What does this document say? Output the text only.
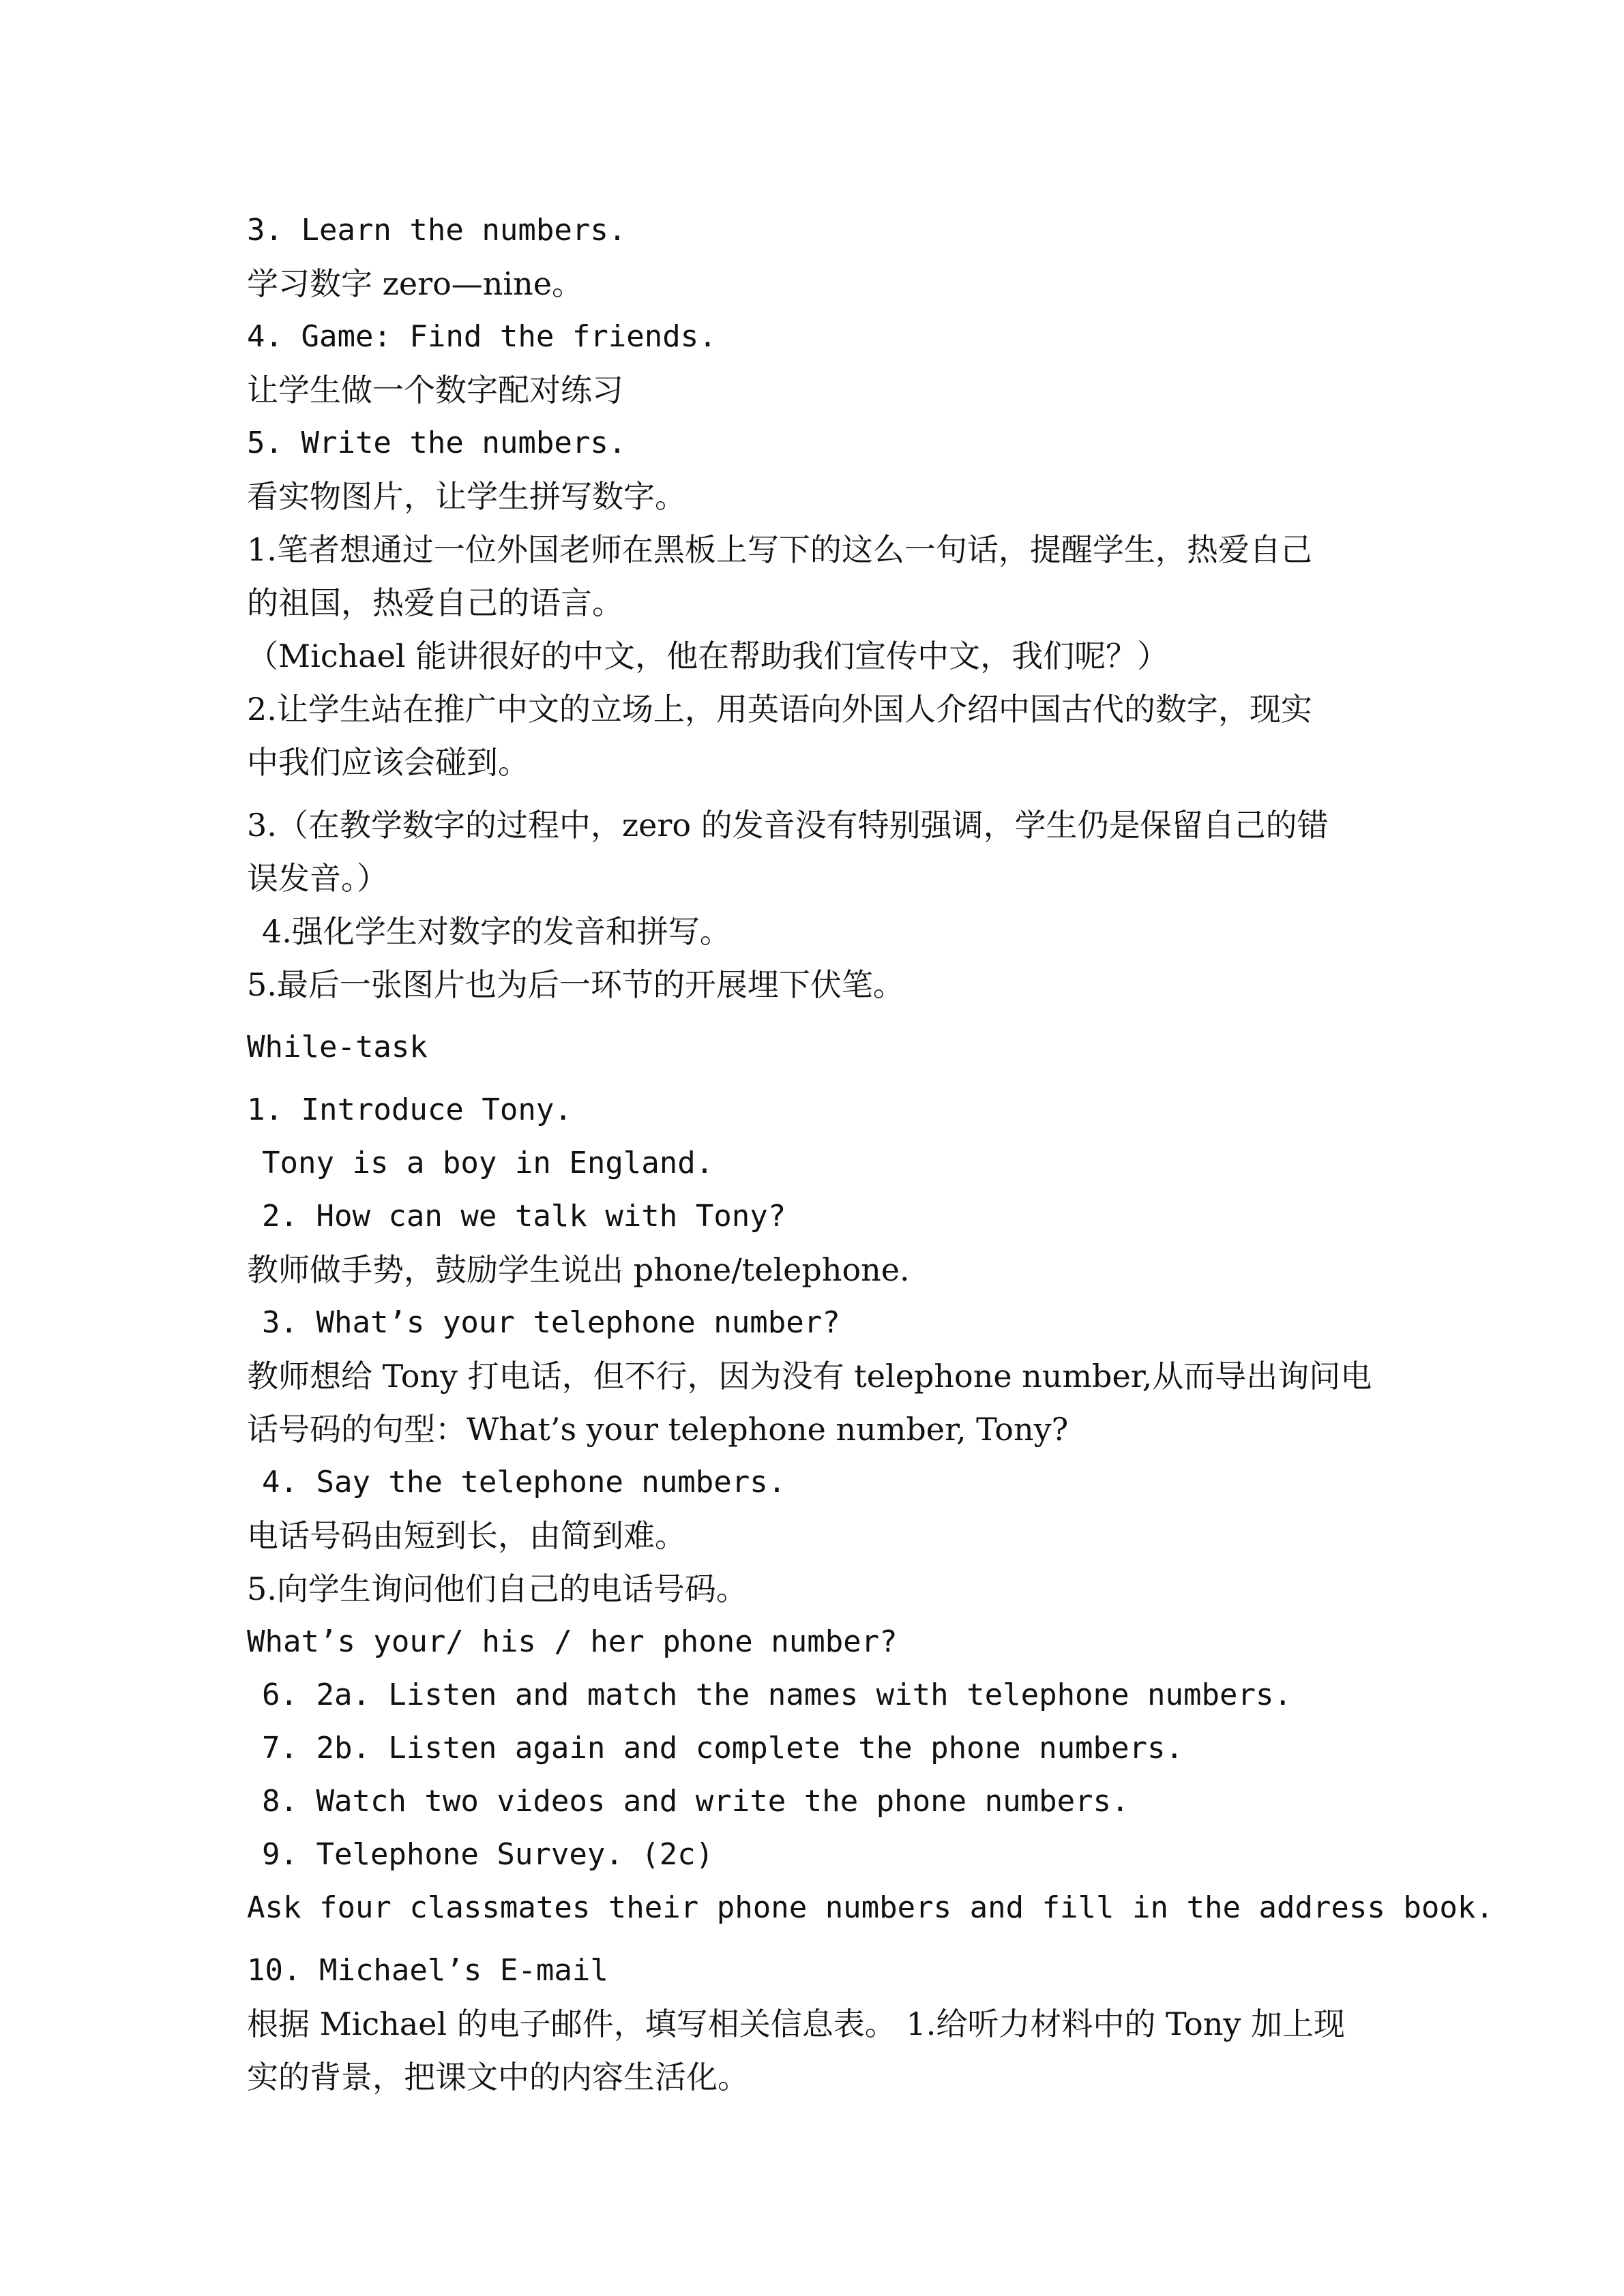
3. Learn the numbers.
学习数字 zero—nine。
4. Game: Find the friends.
让学生做一个数字配对练习
5. Write the numbers.
看实物图片，让学生拼写数字。
1.笔者想通过一位外国老师在黑板上写下的这么一句话，提醒学生，热爱自己
的祖国，热爱自己的语言。
（Michael 能讲很好的中文，他在帮助我们宣传中文，我们呢？）
2.让学生站在推广中文的立场上，用英语向外国人介绍中国古代的数字，现实
中我们应该会碰到。
3.（在教学数字的过程中，zero 的发音没有特别强调，学生仍是保留自己的错
误发音。）
4.强化学生对数字的发音和拼写。
5.最后一张图片也为后一环节的开展埋下伏笔。
While-task
1. Introduce Tony.
Tony is a boy in England.
2. How can we talk with Tony?
教师做手势，鼓励学生说出 phone/telephone.
3. What’s your telephone number?
教师想给 Tony 打电话，但不行，因为没有 telephone number,从而导出询问电
话号码的句型：What’s your telephone number, Tony?
4. Say the telephone numbers.
电话号码由短到长，由简到难。
5.向学生询问他们自己的电话号码。
What’s your/ his / her phone number?
6. 2a. Listen and match the names with telephone numbers.
7. 2b. Listen again and complete the phone numbers.
8. Watch two videos and write the phone numbers.
9. Telephone Survey. (2c)
Ask four classmates their phone numbers and fill in the address book.
10. Michael’s E-mail
根据 Michael 的电子邮件，填写相关信息表。 1.给听力材料中的 Tony 加上现
实的背景，把课文中的内容生活化。
